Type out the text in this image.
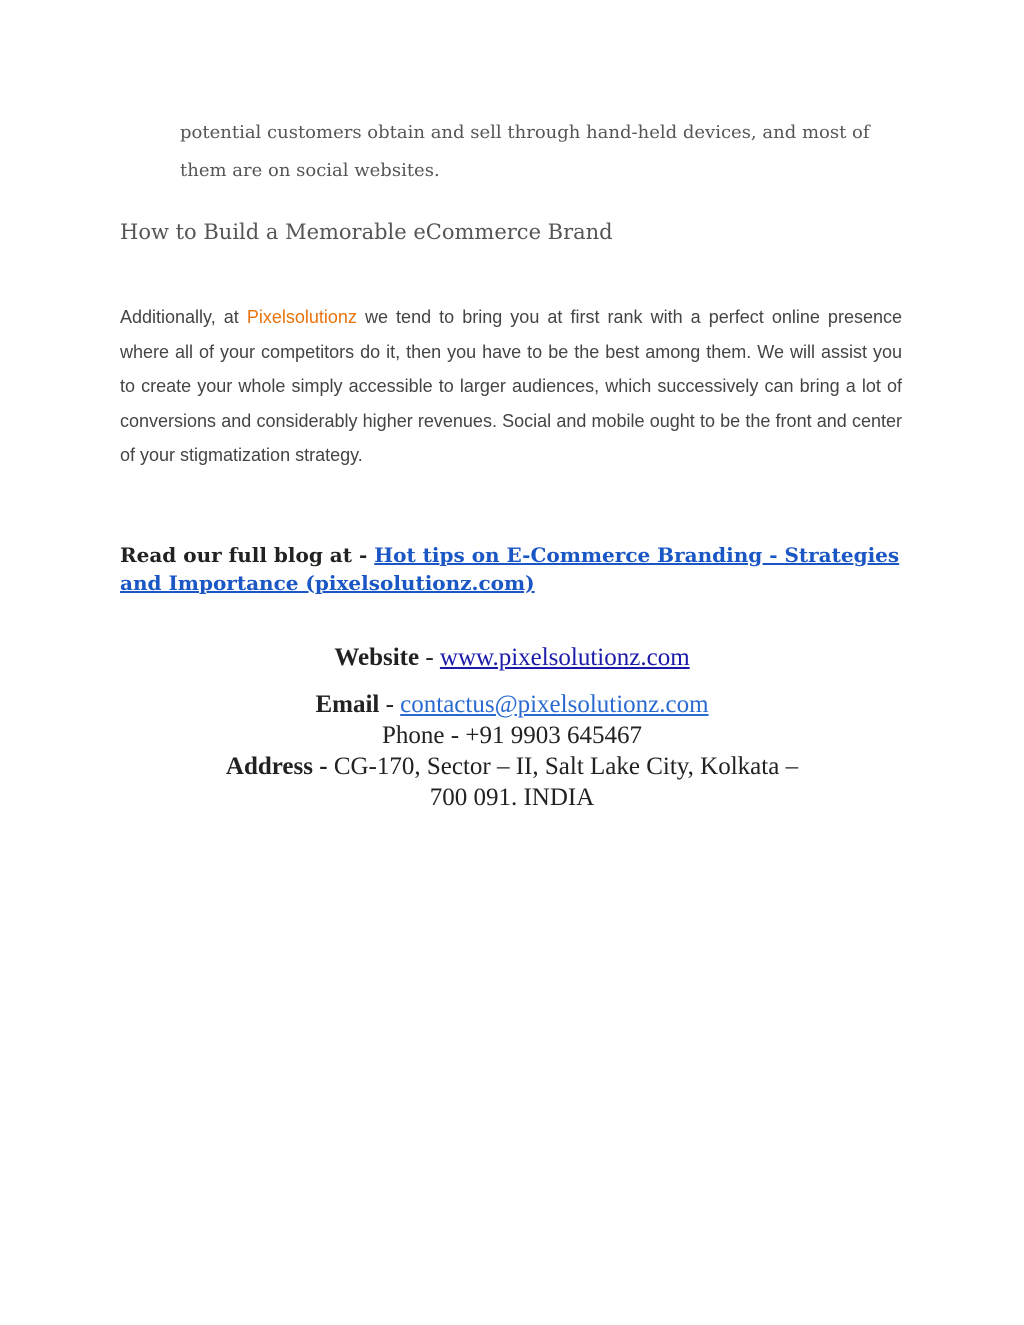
potential customers obtain and sell through hand-held devices, and most of
them are on social websites.
How to Build a Memorable eCommerce Brand
Additionally, at Pixelsolutionz we tend to bring you at first rank with a perfect online presence where all of your competitors do it, then you have to be the best among them. We will assist you to create your whole simply accessible to larger audiences, which successively can bring a lot of conversions and considerably higher revenues. Social and mobile ought to be the front and center of your stigmatization strategy.
Read our full blog at - Hot tips on E-Commerce Branding - Strategies and Importance (pixelsolutionz.com)
Website - www.pixelsolutionz.com
Email - contactus@pixelsolutionz.com
Phone - +91 9903 645467
Address - CG-170, Sector – II, Salt Lake City, Kolkata –
700 091. INDIA
